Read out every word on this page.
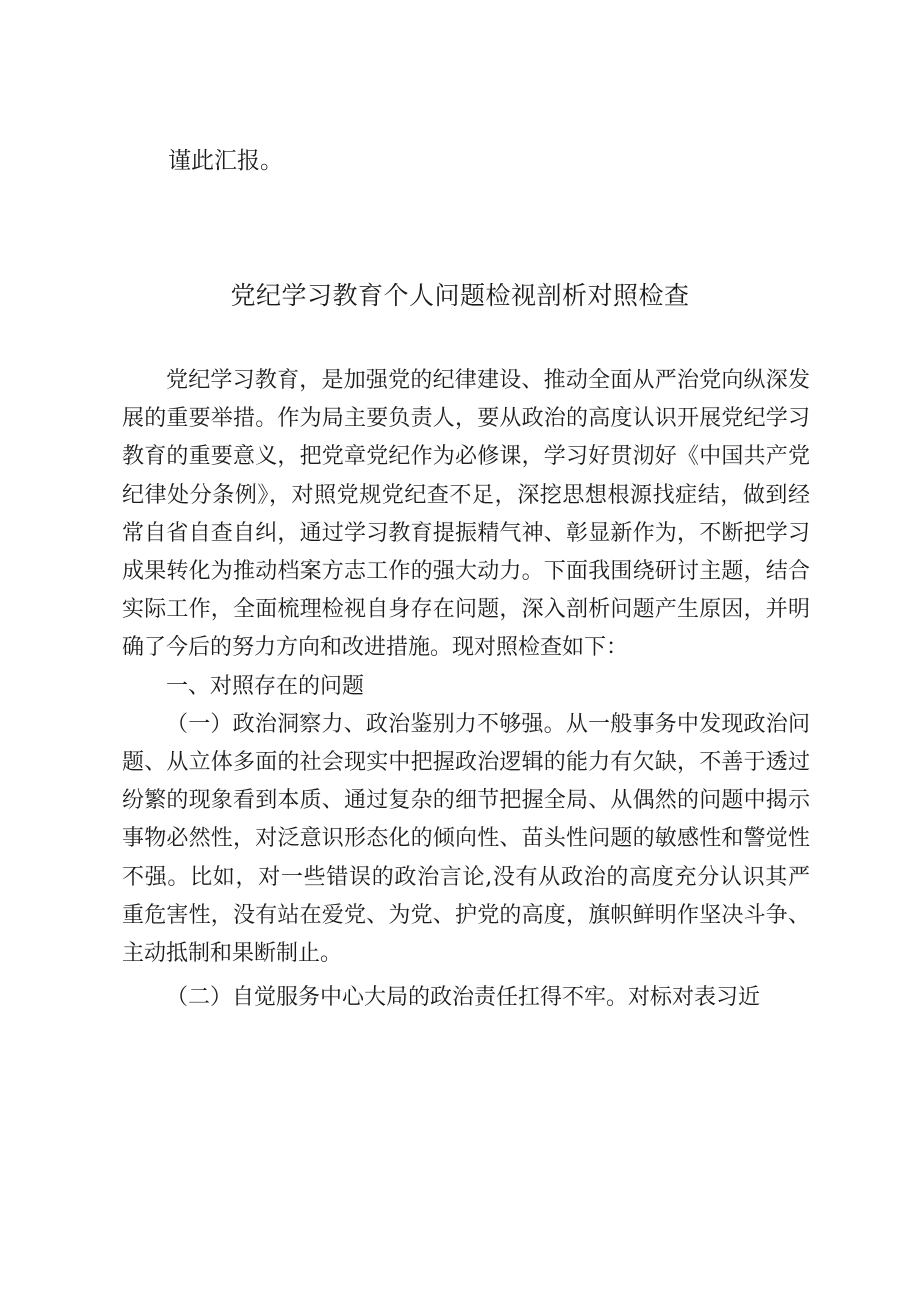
谨此汇报。

党纪学习教育个人问题检视剖析对照检查

党纪学习教育，是加强党的纪律建设、推动全面从严治党向纵深发展的重要举措。作为局主要负责人，要从政治的高度认识开展党纪学习教育的重要意义，把党章党纪作为必修课，学习好贯沏好《中国共产党纪律处分条例》，对照党规党纪查不足，深挖思想根源找症结，做到经常自省自查自纠，通过学习教育提振精气神、彰显新作为，不断把学习成果转化为推动档案方志工作的强大动力。下面我围绕研讨主题，结合实际工作，全面梳理检视自身存在问题，深入剖析问题产生原因，并明确了今后的努力方向和改进措施。现对照检查如下：

一、对照存在的问题

（一）政治洞察力、政治鉴别力不够强。从一般事务中发现政治问题、从立体多面的社会现实中把握政治逻辑的能力有欠缺，不善于透过纷繁的现象看到本质、通过复杂的细节把握全局、从偶然的问题中揭示事物必然性，对泛意识形态化的倾向性、苗头性问题的敏感性和警觉性不强。比如，对一些错误的政治言论,没有从政治的高度充分认识其严重危害性，没有站在爱党、为党、护党的高度，旗帜鲜明作坚决斗争、主动抵制和果断制止。

（二）自觉服务中心大局的政治责任扛得不牢。对标对表习近
